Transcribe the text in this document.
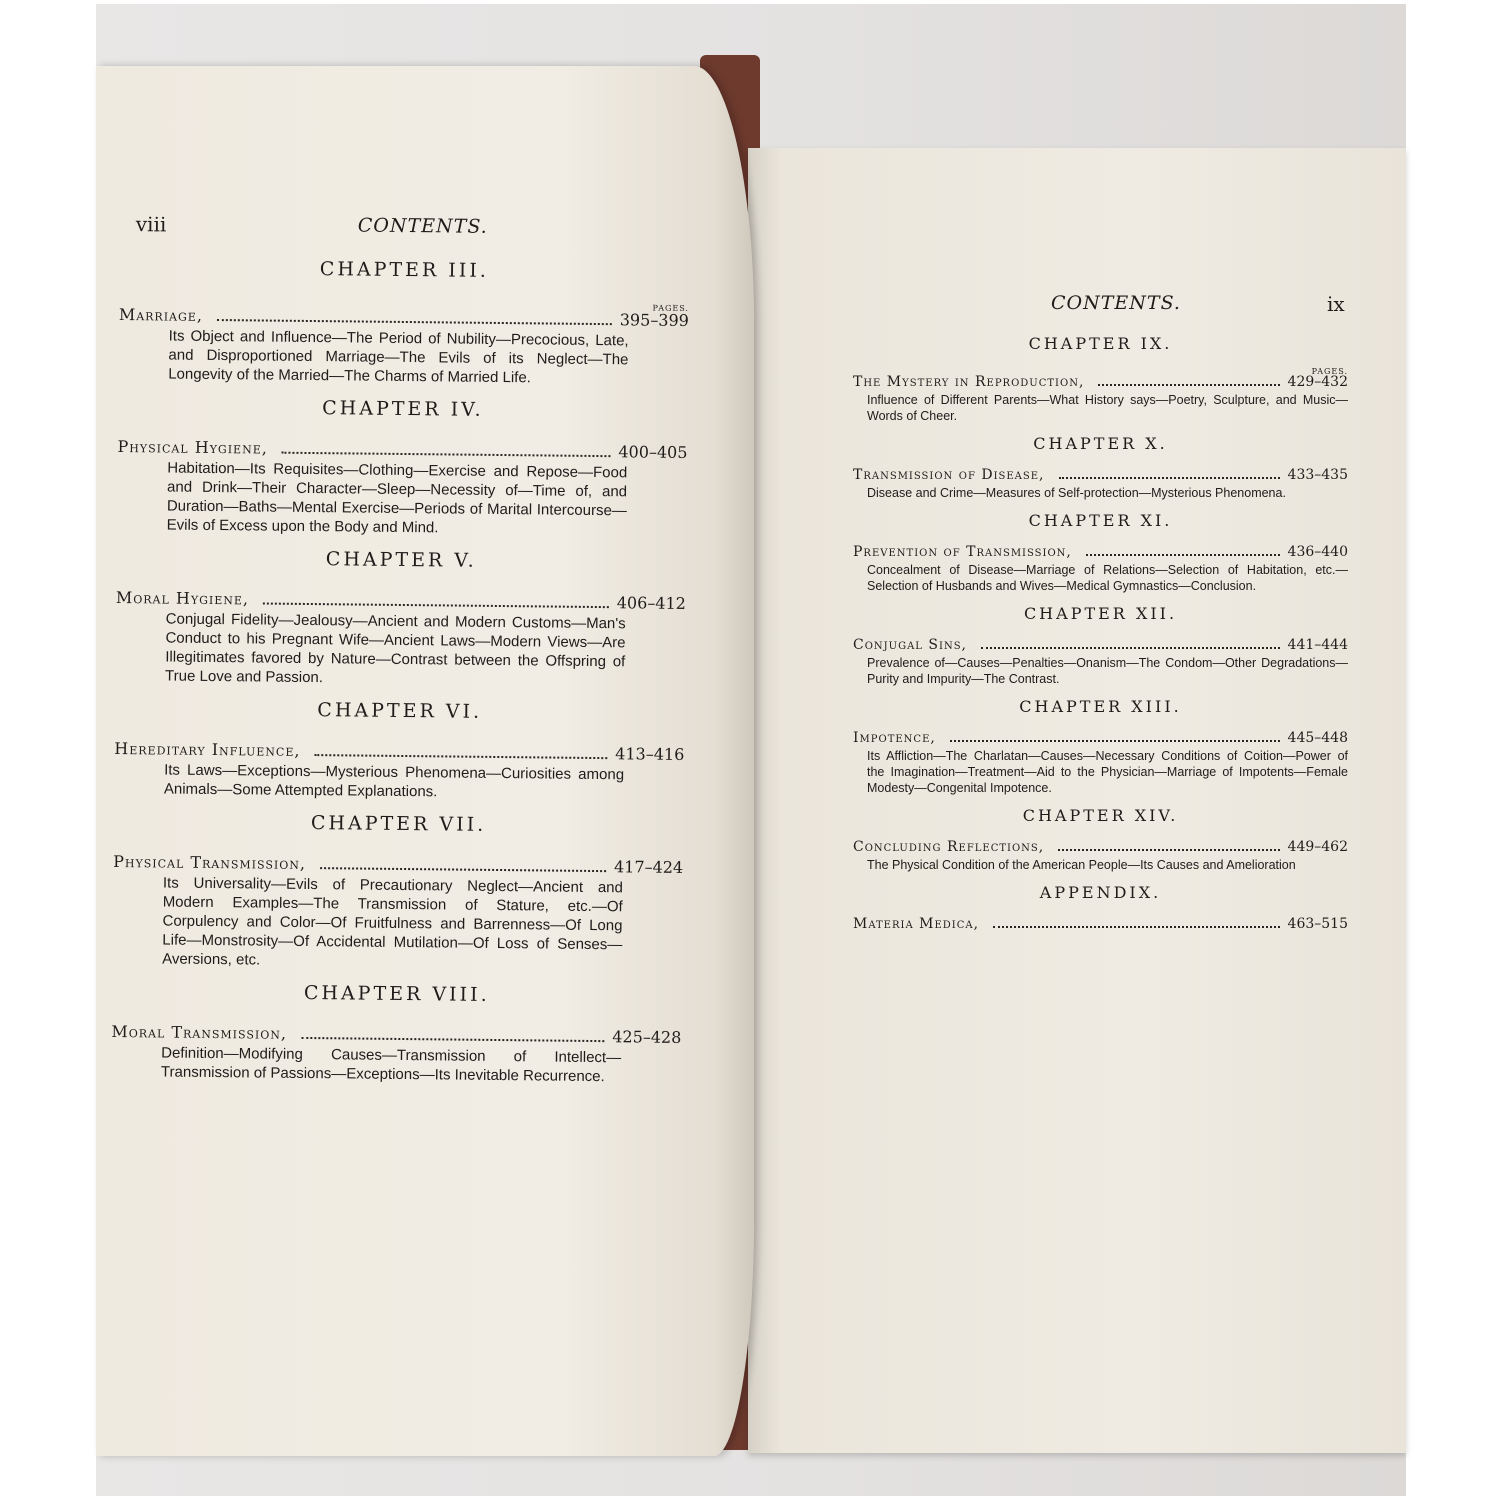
viii	CONTENTS.
CHAPTER III.
PAGES.
Marriage,	395–399
Its Object and Influence—The Period of Nubility—Precocious, Late, and Disproportioned Marriage—The Evils of its Neglect—The Longevity of the Married—The Charms of Married Life.
CHAPTER IV.
Physical Hygiene,	400–405
Habitation—Its Requisites—Clothing—Exercise and Repose—Food and Drink—Their Character—Sleep—Necessity of—Time of, and Duration—Baths—Mental Exercise—Periods of Marital Intercourse—Evils of Excess upon the Body and Mind.
CHAPTER V.
Moral Hygiene,	406–412
Conjugal Fidelity—Jealousy—Ancient and Modern Customs—Man's Conduct to his Pregnant Wife—Ancient Laws—Modern Views—Are Illegitimates favored by Nature—Contrast between the Offspring of True Love and Passion.
CHAPTER VI.
Hereditary Influence,	413–416
Its Laws—Exceptions—Mysterious Phenomena—Curiosities among Animals—Some Attempted Explanations.
CHAPTER VII.
Physical Transmission,	417–424
Its Universality—Evils of Precautionary Neglect—Ancient and Modern Examples—The Transmission of Stature, etc.—Of Corpulency and Color—Of Fruitfulness and Barrenness—Of Long Life—Monstrosity—Of Accidental Mutilation—Of Loss of Senses—Aversions, etc.
CHAPTER VIII.
Moral Transmission,	425–428
Definition—Modifying Causes—Transmission of Intellect—Transmission of Passions—Exceptions—Its Inevitable Recurrence.
CONTENTS.	ix
CHAPTER IX.
PAGES.
The Mystery in Reproduction,	429–432
Influence of Different Parents—What History says—Poetry, Sculpture, and Music—Words of Cheer.
CHAPTER X.
Transmission of Disease,	433–435
Disease and Crime—Measures of Self-protection—Mysterious Phenomena.
CHAPTER XI.
Prevention of Transmission,	436–440
Concealment of Disease—Marriage of Relations—Selection of Habitation, etc.—Selection of Husbands and Wives—Medical Gymnastics—Conclusion.
CHAPTER XII.
Conjugal Sins,	441–444
Prevalence of—Causes—Penalties—Onanism—The Condom—Other Degradations—Purity and Impurity—The Contrast.
CHAPTER XIII.
Impotence,	445–448
Its Affliction—The Charlatan—Causes—Necessary Conditions of Coition—Power of the Imagination—Treatment—Aid to the Physician—Marriage of Impotents—Female Modesty—Congenital Impotence.
CHAPTER XIV.
Concluding Reflections,	449–462
The Physical Condition of the American People—Its Causes and Amelioration
APPENDIX.
Materia Medica,	463–515
